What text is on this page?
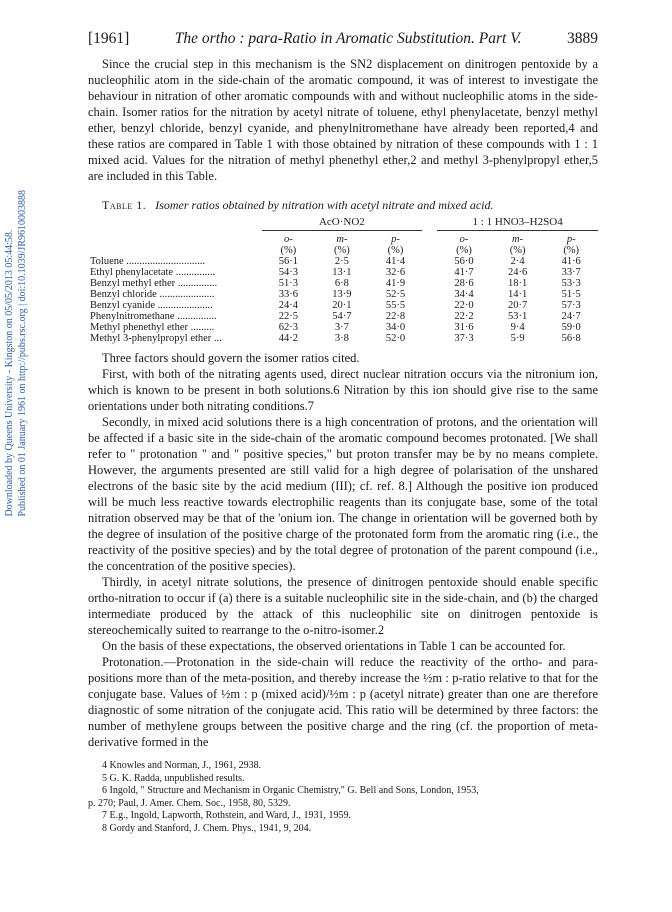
Downloaded by Queens University - Kingston on 05/05/2013 05:44:58. Published on 01 January 1961 on http://pubs.rsc.org | doi:10.1039/JR9610003888
[1961]	The ortho : para-Ratio in Aromatic Substitution. Part V.	3889

Since the crucial step in this mechanism is the SN2 displacement on dinitrogen pentoxide by a nucleophilic atom in the side-chain of the aromatic compound, it was of interest to investigate the behaviour in nitration of other aromatic compounds with and without nucleophilic atoms in the side-chain. Isomer ratios for the nitration by acetyl nitrate of toluene, ethyl phenylacetate, benzyl methyl ether, benzyl chloride, benzyl cyanide, and phenylnitromethane have already been reported,4 and these ratios are compared in Table 1 with those obtained by nitration of these compounds with 1 : 1 mixed acid. Values for the nitration of methyl phenethyl ether,2 and methyl 3-phenylpropyl ether,5 are included in this Table.

Table 1. Isomer ratios obtained by nitration with acetyl nitrate and mixed acid.
	AcO·NO2				1 : 1 HNO3–H2SO4		

	o-	m-	p-		o-	m-	p-
	(%)	(%)	(%)		(%)	(%)	(%)
Toluene ..............................	56·1	2·5	41·4		56·0	2·4	41·6
Ethyl phenylacetate ...............	54·3	13·1	32·6		41·7	24·6	33·7
Benzyl methyl ether ...............	51·3	6·8	41·9		28·6	18·1	53·3
Benzyl chloride .....................	33·6	13·9	52·5		34·4	14·1	51·5
Benzyl cyanide .....................	24·4	20·1	55·5		22·0	20·7	57·3
Phenylnitromethane ...............	22·5	54·7	22·8		22·2	53·1	24·7
Methyl phenethyl ether .........	62·3	3·7	34·0		31·6	9·4	59·0
Methyl 3-phenylpropyl ether ...	44·2	3·8	52·0		37·3	5·9	56·8

Three factors should govern the isomer ratios cited.

First, with both of the nitrating agents used, direct nuclear nitration occurs via the nitronium ion, which is known to be present in both solutions.6 Nitration by this ion should give rise to the same orientations under both nitrating conditions.7

Secondly, in mixed acid solutions there is a high concentration of protons, and the orientation will be affected if a basic site in the side-chain of the aromatic compound becomes protonated. [We shall refer to " protonation " and " positive species," but proton transfer may be by no means complete. However, the arguments presented are still valid for a high degree of polarisation of the unshared electrons of the basic site by the acid medium (III); cf. ref. 8.] Although the positive ion produced will be much less reactive towards electrophilic reagents than its conjugate base, some of the total nitration observed may be that of the 'onium ion. The change in orientation will be governed both by the degree of insulation of the positive charge of the protonated form from the aromatic ring (i.e., the reactivity of the positive species) and by the total degree of protonation of the parent compound (i.e., the concentration of the positive species).

Thirdly, in acetyl nitrate solutions, the presence of dinitrogen pentoxide should enable specific ortho-nitration to occur if (a) there is a suitable nucleophilic site in the side-chain, and (b) the charged intermediate produced by the attack of this nucleophilic site on dinitrogen pentoxide is stereochemically suited to rearrange to the o-nitro-isomer.2

On the basis of these expectations, the observed orientations in Table 1 can be accounted for.

Protonation.—Protonation in the side-chain will reduce the reactivity of the ortho- and para-positions more than of the meta-position, and thereby increase the ½m : p-ratio relative to that for the conjugate base. Values of ½m : p (mixed acid)/½m : p (acetyl nitrate) greater than one are therefore diagnostic of some nitration of the conjugate acid. This ratio will be determined by three factors: the number of methylene groups between the positive charge and the ring (cf. the proportion of meta-derivative formed in the

4 Knowles and Norman, J., 1961, 2938.

5 G. K. Radda, unpublished results.

6 Ingold, " Structure and Mechanism in Organic Chemistry," G. Bell and Sons, London, 1953,

p. 270; Paul, J. Amer. Chem. Soc., 1958, 80, 5329.

7 E.g., Ingold, Lapworth, Rothstein, and Ward, J., 1931, 1959.

8 Gordy and Stanford, J. Chem. Phys., 1941, 9, 204.
